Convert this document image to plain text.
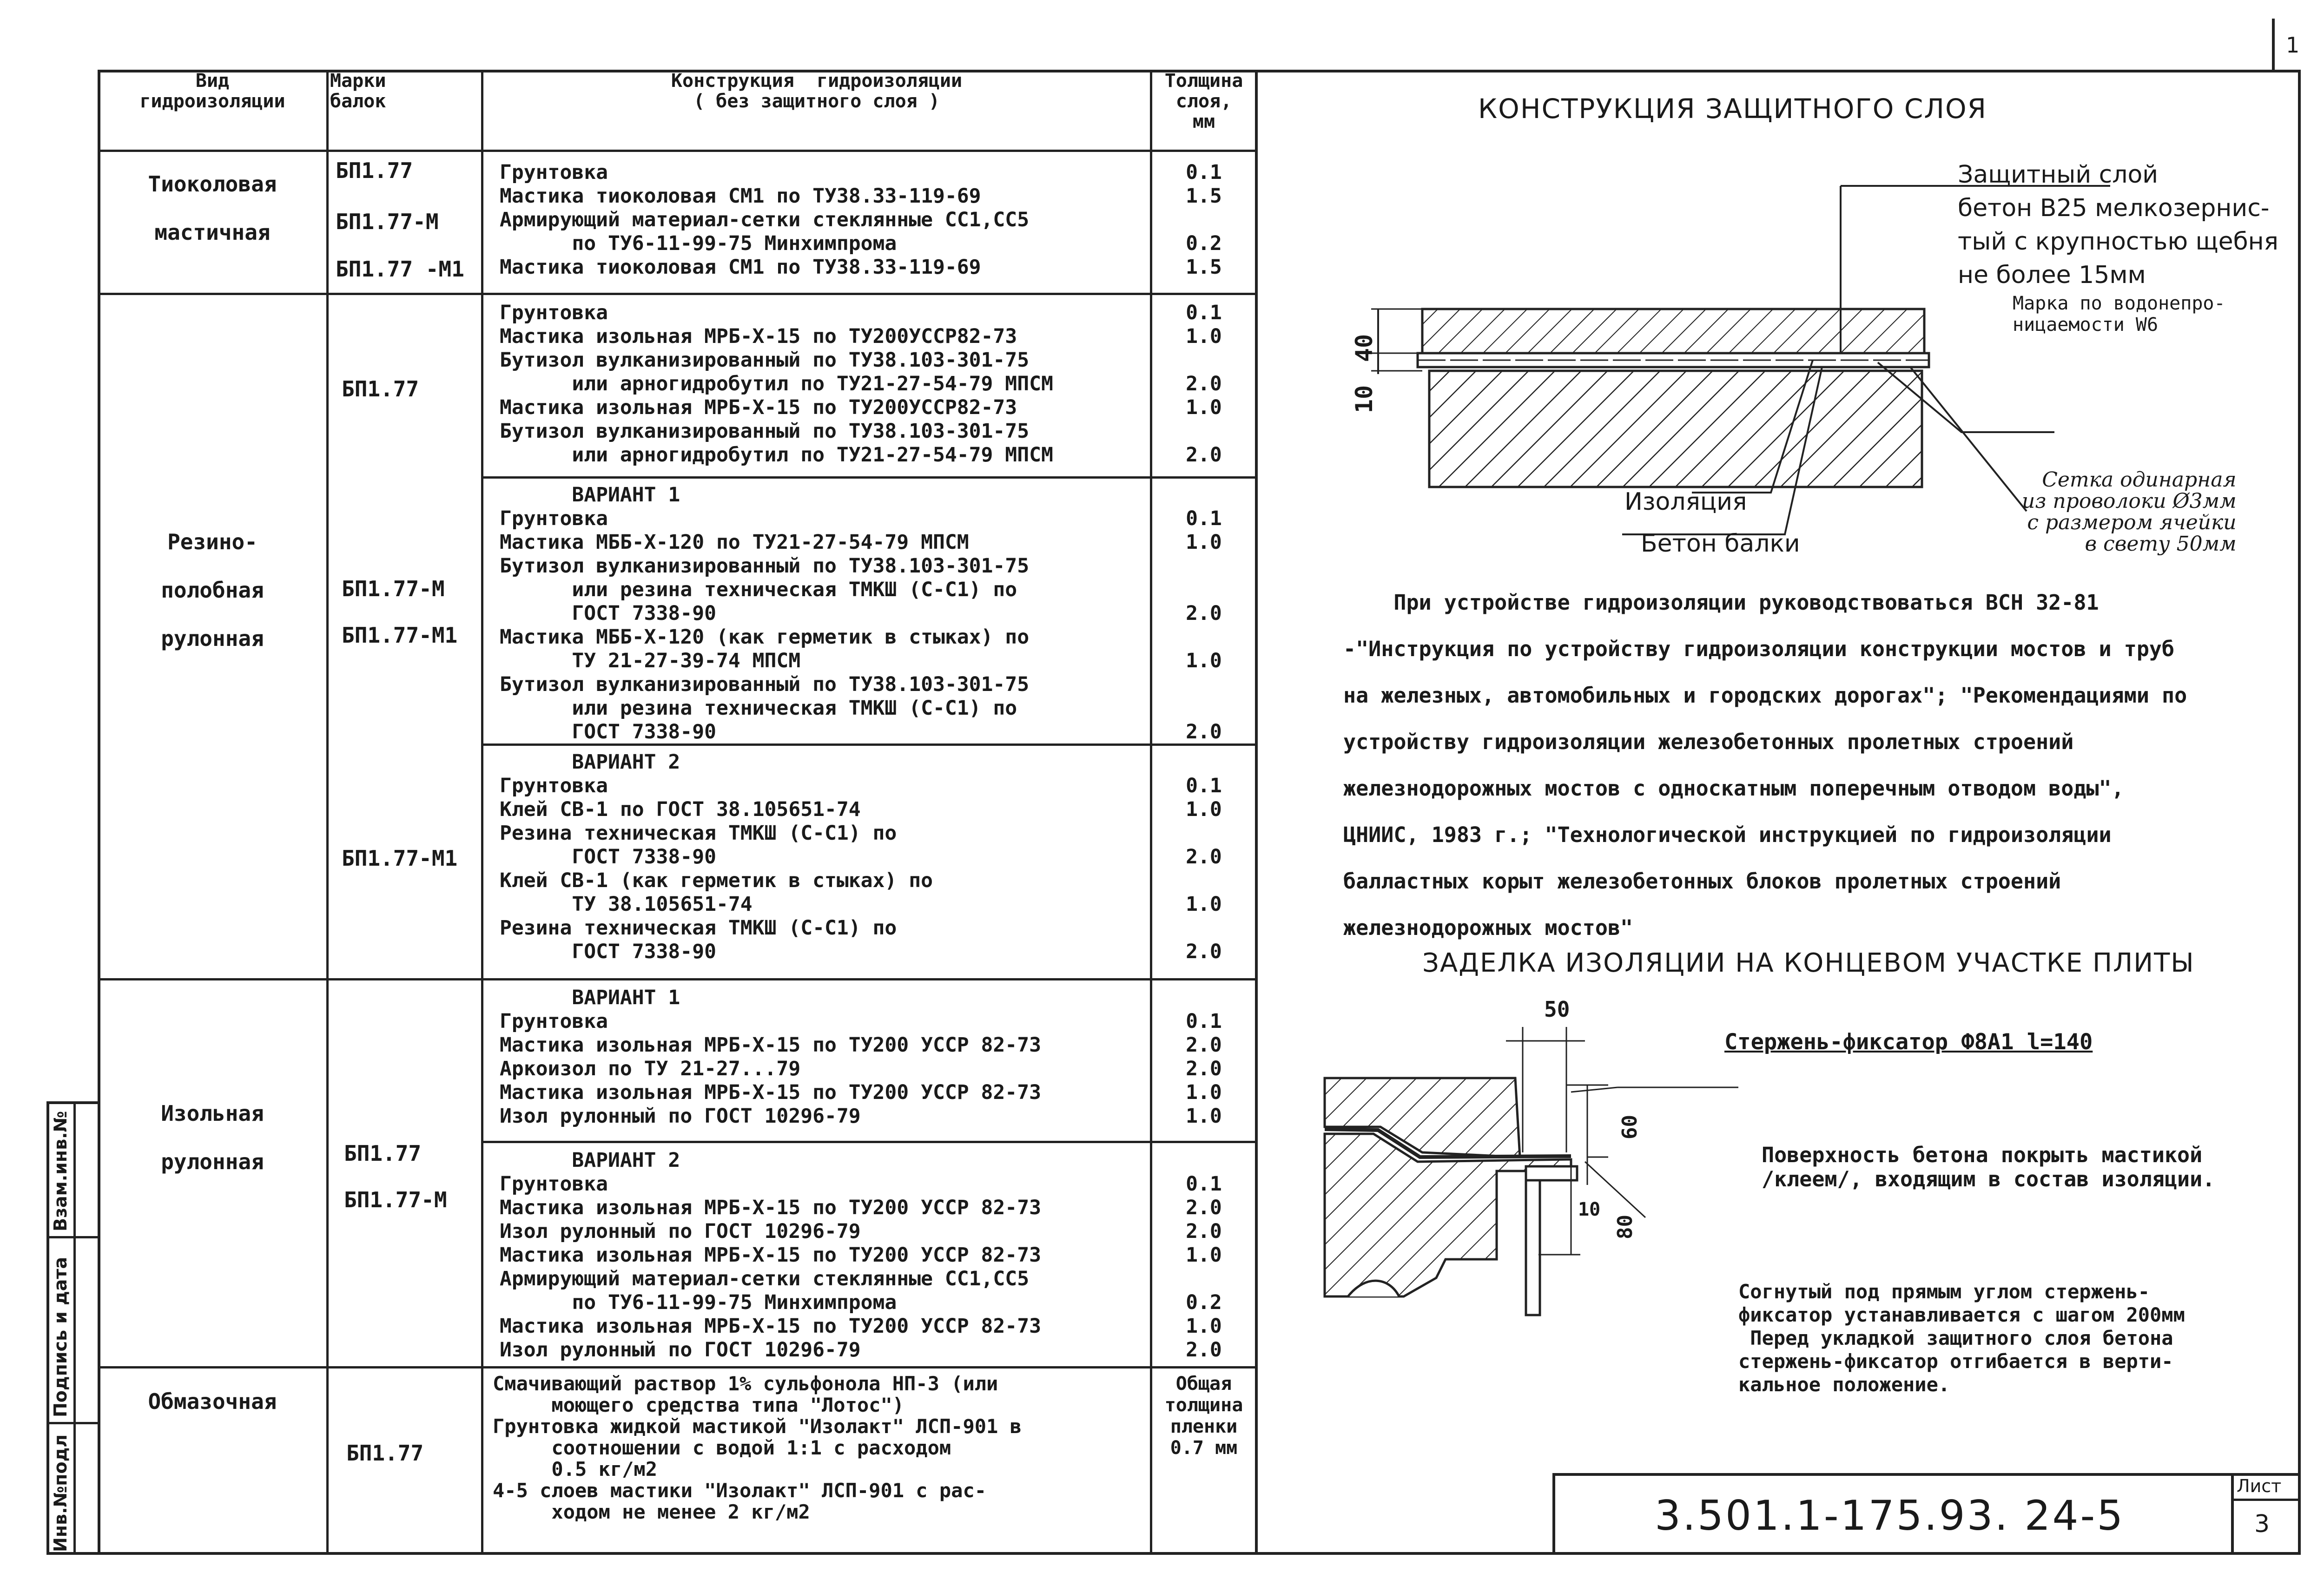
1
Инв.№подл
Подпись и дата
Взам.инв.№
Вид
гидроизоляции
Марки
балок
Конструкция  гидроизоляции
( без защитного слоя )
Толщина
слоя,
мм
Тиоколовая

мастичная
Резино-

полобная

рулонная
Изольная

рулонная
Обмазочная
БП1.77
БП1.77-М
БП1.77 -М1
БП1.77
БП1.77-М
БП1.77-М1
БП1.77-М1
БП1.77
БП1.77-М
БП1.77
Грунтовка
Мастика тиоколовая СМ1 по ТУ38.33-119-69
Армирующий материал-сетки стеклянные СС1,СС5
по ТУ6-11-99-75 Минхимпрома
Мастика тиоколовая СМ1 по ТУ38.33-119-69
0.1
1.5

0.2
1.5
Грунтовка
Мастика изольная МРБ-Х-15 по ТУ200УССР82-73
Бутизол вулканизированный по ТУ38.103-301-75
или арногидробутил по ТУ21-27-54-79 МПСМ
Мастика изольная МРБ-Х-15 по ТУ200УССР82-73
Бутизол вулканизированный по ТУ38.103-301-75
или арногидробутил по ТУ21-27-54-79 МПСМ
0.1
1.0

2.0
1.0

2.0
ВАРИАНТ 1
Грунтовка
Мастика МББ-Х-120 по ТУ21-27-54-79 МПСМ
Бутизол вулканизированный по ТУ38.103-301-75
или резина техническая ТМКШ (С-С1) по
ГОСТ 7338-90
Мастика МББ-Х-120 (как герметик в стыках) по
ТУ 21-27-39-74 МПСМ
Бутизол вулканизированный по ТУ38.103-301-75
или резина техническая ТМКШ (С-С1) по
ГОСТ 7338-90

0.1
1.0

2.0

1.0

2.0
ВАРИАНТ 2
Грунтовка
Клей СВ-1 по ГОСТ 38.105651-74
Резина техническая ТМКШ (С-С1) по
ГОСТ 7338-90
Клей СВ-1 (как герметик в стыках) по
ТУ 38.105651-74
Резина техническая ТМКШ (С-С1) по
ГОСТ 7338-90

0.1
1.0

2.0

1.0

2.0
ВАРИАНТ 1
Грунтовка
Мастика изольная МРБ-Х-15 по ТУ200 УССР 82-73
Аркоизол по ТУ 21-27...79
Мастика изольная МРБ-Х-15 по ТУ200 УССР 82-73
Изол рулонный по ГОСТ 10296-79

0.1
2.0
2.0
1.0
1.0
ВАРИАНТ 2
Грунтовка
Мастика изольная МРБ-Х-15 по ТУ200 УССР 82-73
Изол рулонный по ГОСТ 10296-79
Мастика изольная МРБ-Х-15 по ТУ200 УССР 82-73
Армирующий материал-сетки стеклянные СС1,СС5
по ТУ6-11-99-75 Минхимпрома
Мастика изольная МРБ-Х-15 по ТУ200 УССР 82-73
Изол рулонный по ГОСТ 10296-79

0.1
2.0
2.0
1.0

0.2
1.0
2.0
Смачивающий раствор 1% сульфонола НП-3 (или
моющего средства типа "Лотос")
Грунтовка жидкой мастикой "Изолакт" ЛСП-901 в
соотношении с водой 1:1 с расходом
0.5 кг/м2
4-5 слоев мастики "Изолакт" ЛСП-901 с рас-
ходом не менее 2 кг/м2
Общая
толщина
пленки
0.7 мм
КОНСТРУКЦИЯ ЗАЩИТНОГО СЛОЯ
40
10
Защитный слой
бетон В25 мелкозернис-
тый с крупностью щебня
не более 15мм
Марка по водонепро-
ницаемости W6
Изоляция
Бетон балки
Сетка одинарная
из проволоки Ø3мм
с размером ячейки
в свету 50мм
При устройстве гидроизоляции руководствоваться ВСН 32-81
-"Инструкция по устройству гидроизоляции конструкции мостов и труб
на железных, автомобильных и городских дорогах"; "Рекомендациями по
устройству гидроизоляции железобетонных пролетных строений
железнодорожных мостов с односкатным поперечным отводом воды",
ЦНИИС, 1983 г.; "Технологической инструкцией по гидроизоляции
балластных корыт железобетонных блоков пролетных строений
железнодорожных мостов"
ЗАДЕЛКА ИЗОЛЯЦИИ НА КОНЦЕВОМ УЧАСТКЕ ПЛИТЫ
50
60
80
10
Стержень-фиксатор Ф8А1 l=140
Поверхность бетона покрыть мастикой
/клеем/, входящим в состав изоляции.
Согнутый под прямым углом стержень-
фиксатор устанавливается с шагом 200мм
Перед укладкой защитного слоя бетона
стержень-фиксатор отгибается в верти-
кальное положение.
3.501.1-175.93. 24-5
Лист
3
